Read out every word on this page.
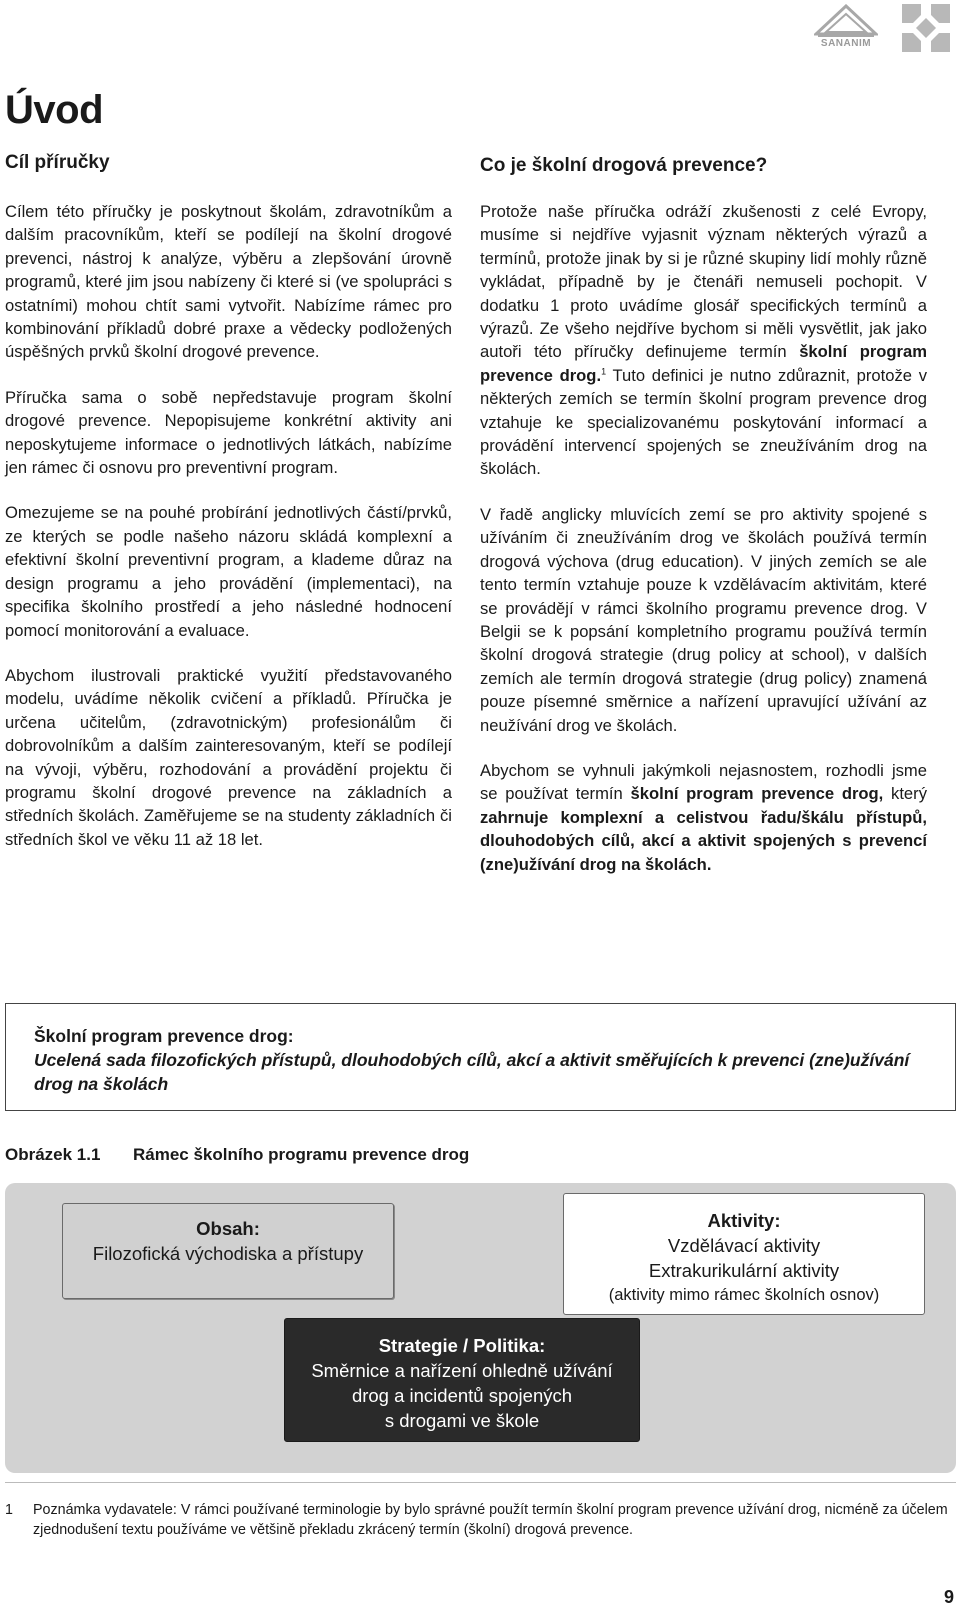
SANANIM
Úvod
Cíl příručky

Cílem této příručky je poskytnout školám, zdravotníkům a dalším pracovníkům, kteří se podílejí na školní drogové prevenci, nástroj k analýze, výběru a zlepšování úrovně programů, které jim jsou nabízeny či které si (ve spolupráci s ostatními) mohou chtít sami vytvořit. Nabízíme rámec pro kombinování příkladů dobré praxe a vědecky podložených úspěšných prvků školní drogové prevence.

Příručka sama o sobě nepředstavuje program školní drogové prevence. Nepopisujeme konkrétní aktivity ani neposkytujeme informace o jednotlivých látkách, nabízíme jen rámec či osnovu pro preventivní program.

Omezujeme se na pouhé probírání jednotlivých částí/prvků, ze kterých se podle našeho názoru skládá komplexní a efektivní školní preventivní program, a klademe důraz na design programu a jeho provádění (implementaci), na specifika školního prostředí a jeho následné hodnocení pomocí monitorování a evaluace.

Abychom ilustrovali praktické využití představovaného modelu, uvádíme několik cvičení a příkladů. Příručka je určena učitelům, (zdravotnickým) profesionálům či dobrovolníkům a dalším zainteresovaným, kteří se podílejí na vývoji, výběru, rozhodování a provádění projektu či programu školní drogové prevence na základních a středních školách. Zaměřujeme se na studenty základních či středních škol ve věku 11 až 18 let.

Co je školní drogová prevence?

Protože naše příručka odráží zkušenosti z celé Evropy, musíme si nejdříve vyjasnit význam některých výrazů a termínů, protože jinak by si je různé skupiny lidí mohly různě vykládat, případně by je čtenáři nemuseli pochopit. V dodatku 1 proto uvádíme glosář specifických termínů a výrazů. Ze všeho nejdříve bychom si měli vysvětlit, jak jako autoři této příručky definujeme termín školní program prevence drog.$^1$ Tuto definici je nutno zdůraznit, protože v některých zemích se termín školní program prevence drog vztahuje ke specializovanému poskytování informací a provádění intervencí spojených se zneužíváním drog na školách.

V řadě anglicky mluvících zemí se pro aktivity spojené s užíváním či zneužíváním drog ve školách používá termín drogová výchova (drug education). V jiných zemích se ale tento termín vztahuje pouze k vzdělávacím aktivitám, které se provádějí v rámci školního programu prevence drog. V Belgii se k popsání kompletního programu používá termín školní drogová strategie (drug policy at school), v dalších zemích ale termín drogová strategie (drug policy) znamená pouze písemné směrnice a nařízení upravující užívání az neužívání drog ve školách.

Abychom se vyhnuli jakýmkoli nejasnostem, rozhodli jsme se používat termín školní program prevence drog, který zahrnuje komplexní a celistvou řadu/škálu přístupů, dlouhodobých cílů, akcí a aktivit spojených s prevencí (zne)užívání drog na školách.

Školní program prevence drog:
Ucelená sada filozofických přístupů, dlouhodobých cílů, akcí a aktivit směřujících k prevenci (zne)užívání drog na školách
Obrázek 1.1 Rámec školního programu prevence drog
Obsah:
Filozofická východiska a přístupy
Aktivity:
Vzdělávací aktivity
Extrakurikulární aktivity
(aktivity mimo rámec školních osnov)
Strategie / Politika:
Směrnice a nařízení ohledně užívání
drog a incidentů spojených
s drogami ve škole
1 Poznámka vydavatele: V rámci používané terminologie by bylo správné použít termín školní program prevence užívání drog, nicméně za účelem zjednodušení textu používáme ve většině překladu zkrácený termín (školní) drogová prevence.
9
